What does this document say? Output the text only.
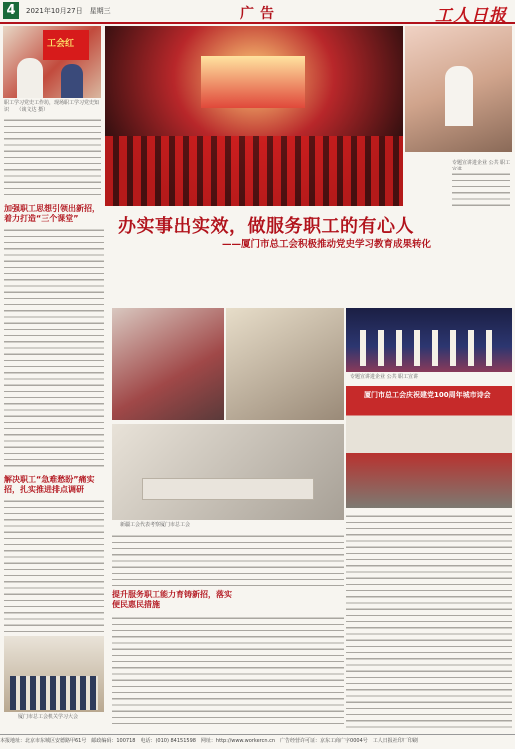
4	2021年10月27日　星期三	广告	工人日报
工会红
职工学习党史工作坊，现场职工学习党史知识　　（谈文达 摄）
专题宣讲进企业 公共 职工
办实事出实效，做服务职工的有心人
——厦门市总工会积极推动党史学习教育成果转化
加强职工思想引领出新招，着力打造“三个课堂”
解决职工“急难愁盼”痛实招，扎实推进排点调研
厦门市总工会机关学习大会
专题宣讲进企业 公共 职工宣讲
厦门市总工会庆祝建党100周年城市诗会
新疆工会代表考察厦门市总工会
提升服务职工能力育铸新招，落实便民惠民措施
本报地址：北京市东城区安德路甲61号　邮政编码：100718　电话：(010) 84151598　网址：http://www.workercn.cn　广告经营许可证：京东工商广字0004号　工人日报社印厂印刷
